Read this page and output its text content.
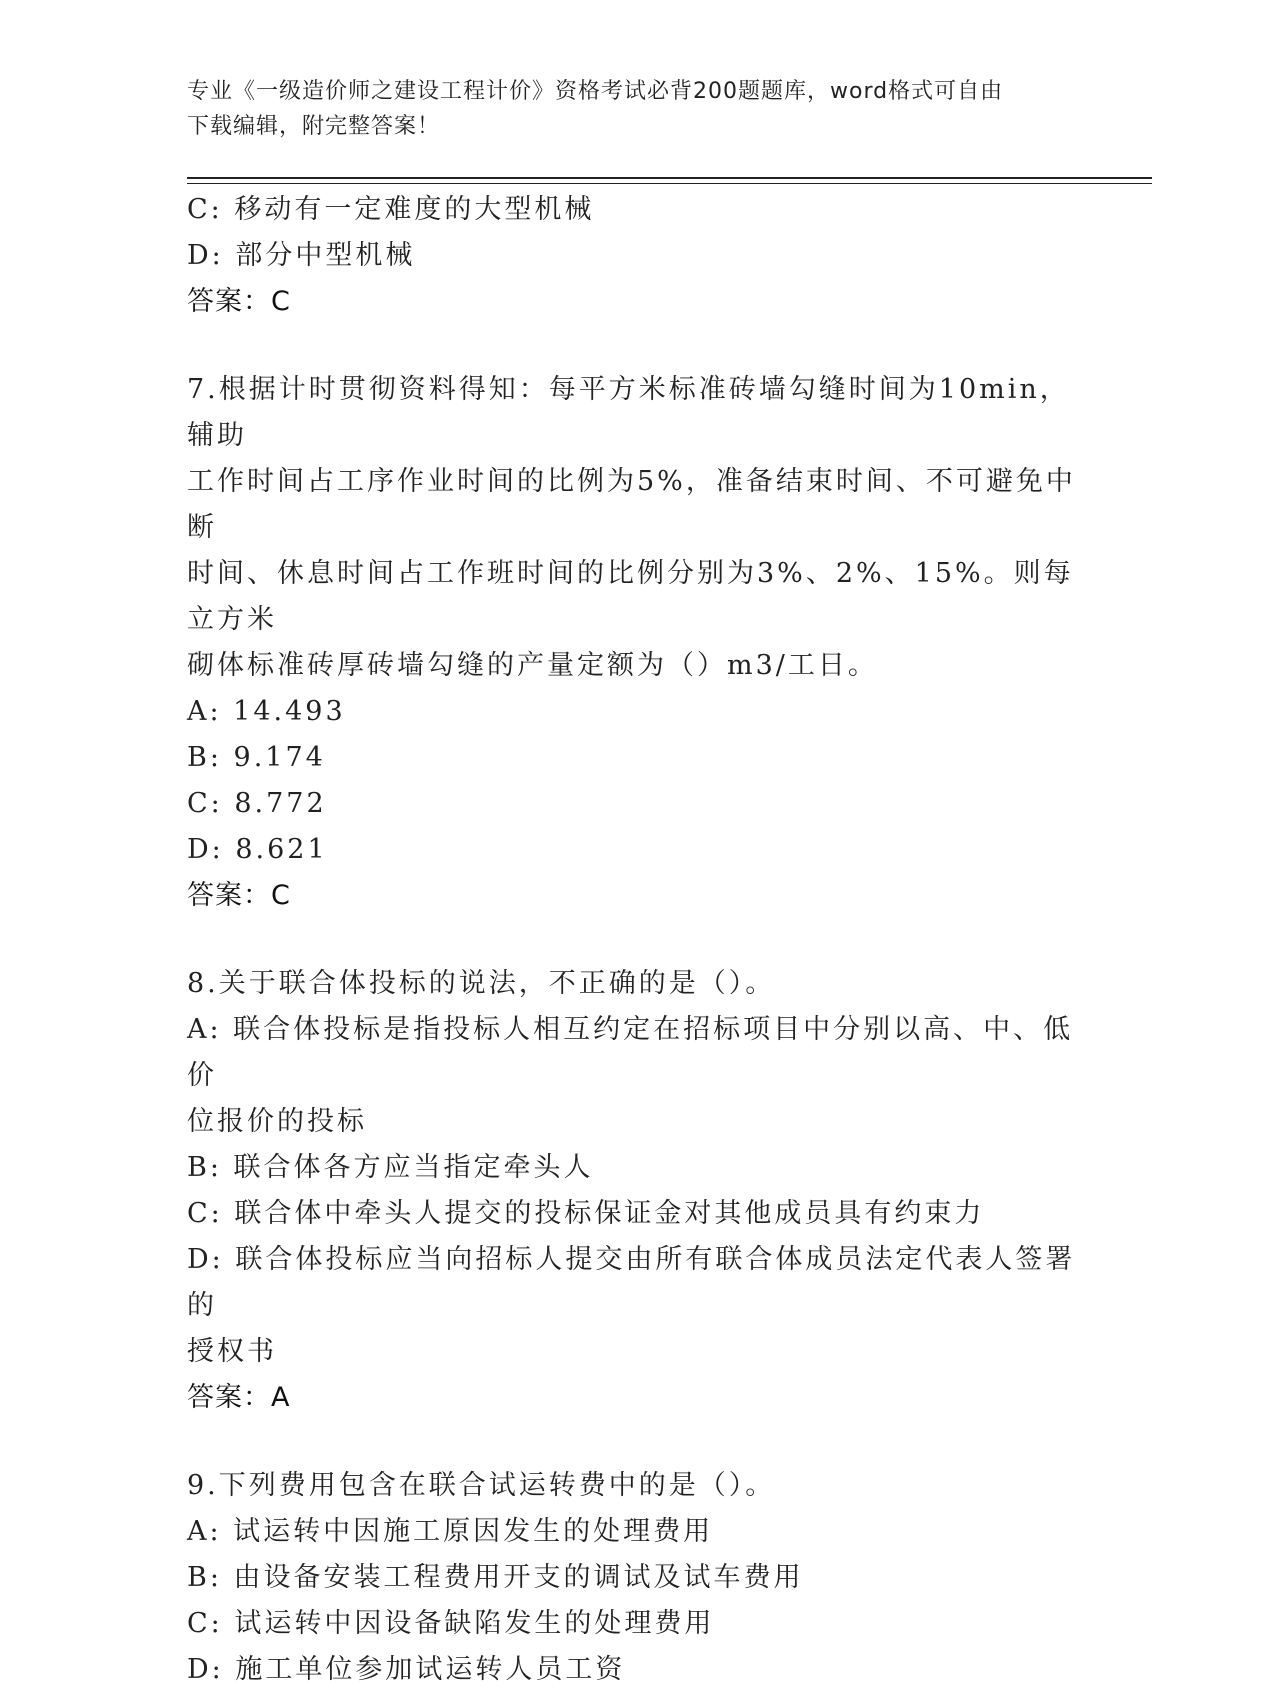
专业《一级造价师之建设工程计价》资格考试必背200题题库，word格式可自由
下载编辑，附完整答案！
C: 移动有一定难度的大型机械
D: 部分中型机械
答案：C
7.根据计时贯彻资料得知：每平方米标准砖墙勾缝时间为10min，辅助
工作时间占工序作业时间的比例为5%，准备结束时间、不可避免中断
时间、休息时间占工作班时间的比例分别为3%、2%、15%。则每立方米
砌体标准砖厚砖墙勾缝的产量定额为（）m3/工日。
A: 14.493
B: 9.174
C: 8.772
D: 8.621
答案：C
8.关于联合体投标的说法，不正确的是（）。
A: 联合体投标是指投标人相互约定在招标项目中分别以高、中、低价
位报价的投标
B: 联合体各方应当指定牵头人
C: 联合体中牵头人提交的投标保证金对其他成员具有约束力
D: 联合体投标应当向招标人提交由所有联合体成员法定代表人签署的
授权书
答案：A
9.下列费用包含在联合试运转费中的是（）。
A: 试运转中因施工原因发生的处理费用
B: 由设备安装工程费用开支的调试及试车费用
C: 试运转中因设备缺陷发生的处理费用
D: 施工单位参加试运转人员工资
